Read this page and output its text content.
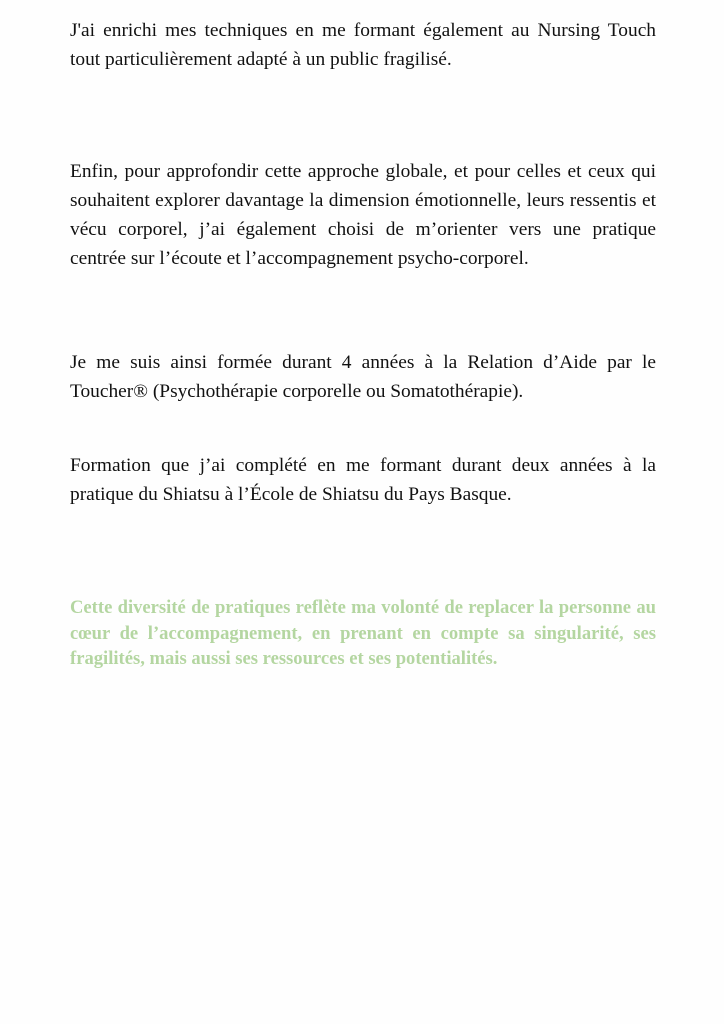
J'ai enrichi mes techniques en me formant également au Nursing Touch tout particulièrement adapté à un public fragilisé.

Enfin, pour approfondir cette approche globale, et pour celles et ceux qui souhaitent explorer davantage la dimension émotionnelle, leurs ressentis et vécu corporel, j’ai également choisi de m’orienter vers une pratique centrée sur l’écoute et l’accompagnement psycho-corporel.

Je me suis ainsi formée durant 4 années à la Relation d’Aide par le Toucher® (Psychothérapie corporelle ou Somatothérapie).

Formation que j’ai complété en me formant durant deux années à la pratique du Shiatsu à l’École de Shiatsu du Pays Basque.

Cette diversité de pratiques reflète ma volonté de replacer la personne au cœur de l’accompagnement, en prenant en compte sa singularité, ses fragilités, mais aussi ses ressources et ses potentialités.
